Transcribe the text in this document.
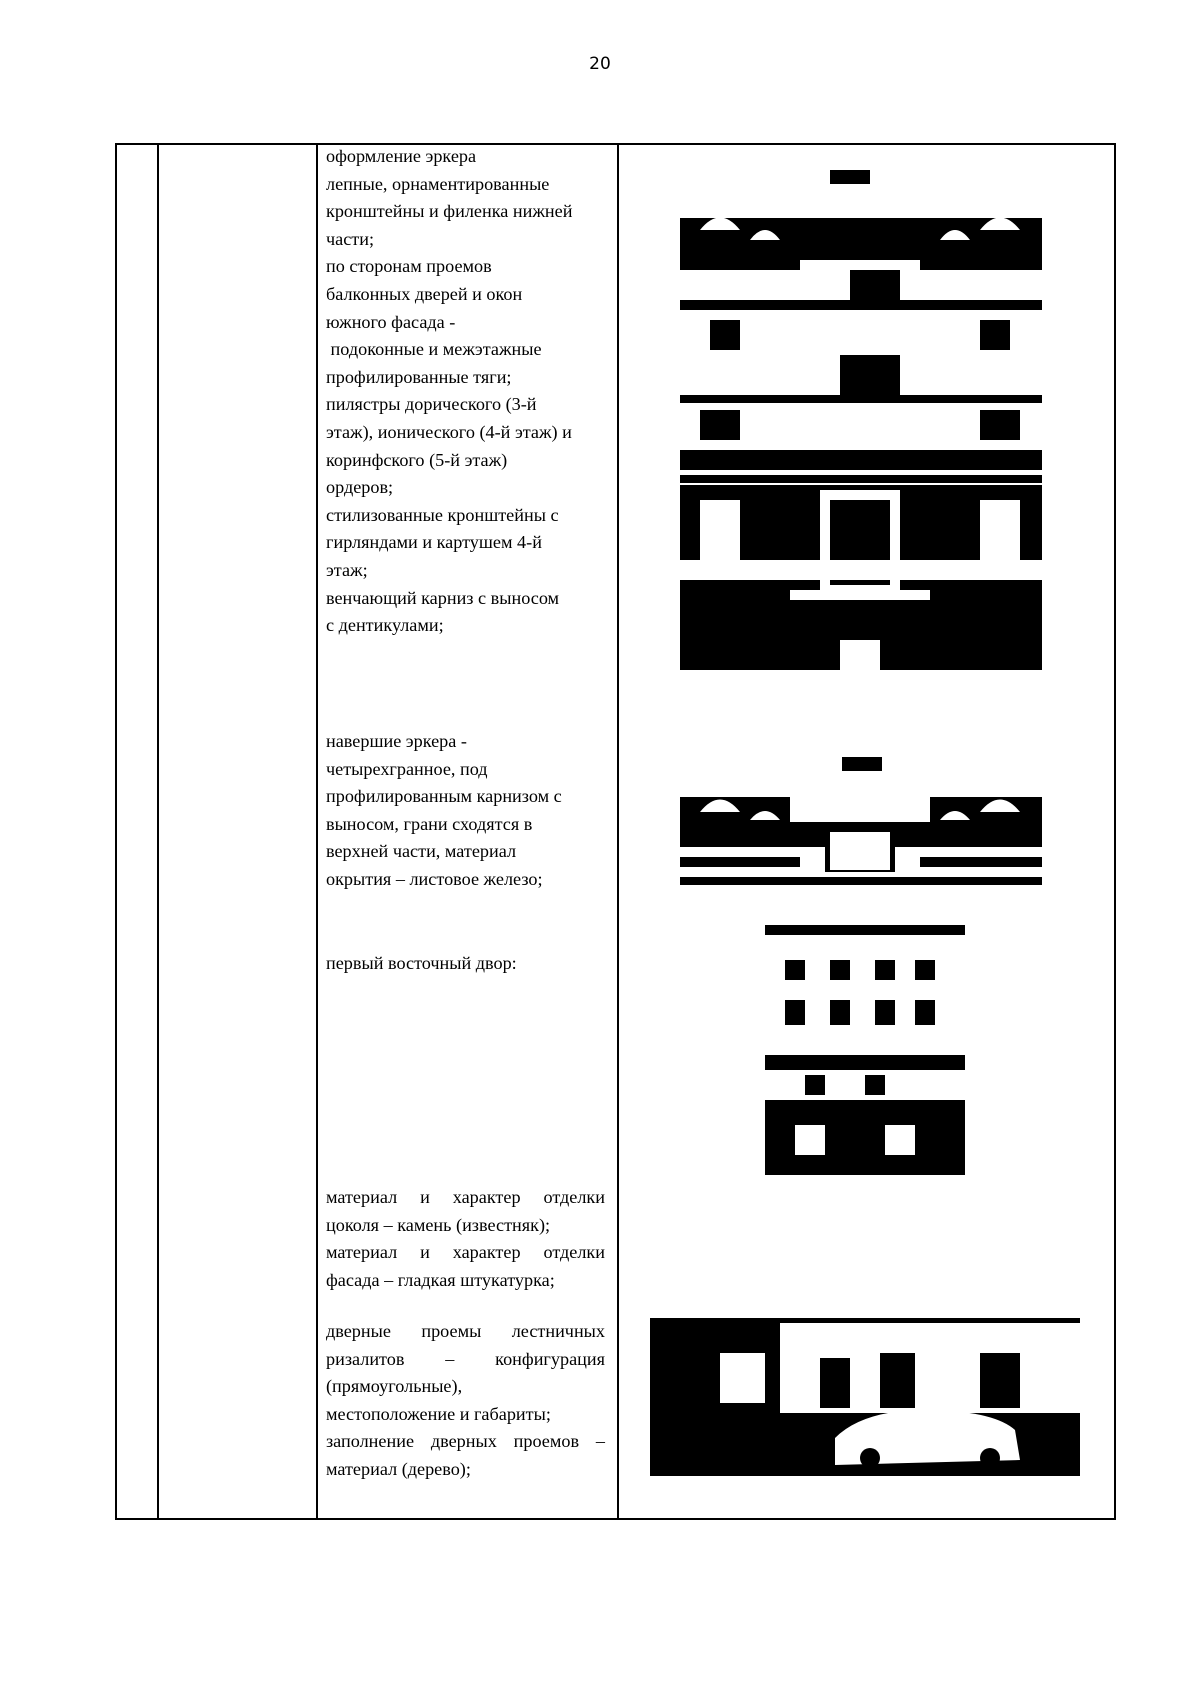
20

оформление эркера

лепные, орнаментированные

кронштейны и филенка нижней

части;

по сторонам проемов

балконных дверей и окон

южного фасада -

подоконные и межэтажные

профилированные тяги;

пилястры дорического (3-й

этаж), ионического (4-й этаж) и

коринфского (5-й этаж)

ордеров;

стилизованные кронштейны с

гирляндами и картушем 4-й

этаж;

венчающий карниз с выносом

с дентикулами;

навершие эркера -

четырехгранное, под

профилированным карнизом с

выносом, грани сходятся в

верхней части, материал

окрытия – листовое железо;

первый восточный двор:

материал и характер отделки

цоколя – камень (известняк);

материал и характер отделки

фасада – гладкая штукатурка;

дверные проемы лестничных

ризалитов – конфигурация

(прямоугольные),

местоположение и габариты;

заполнение дверных проемов –

материал (дерево);
